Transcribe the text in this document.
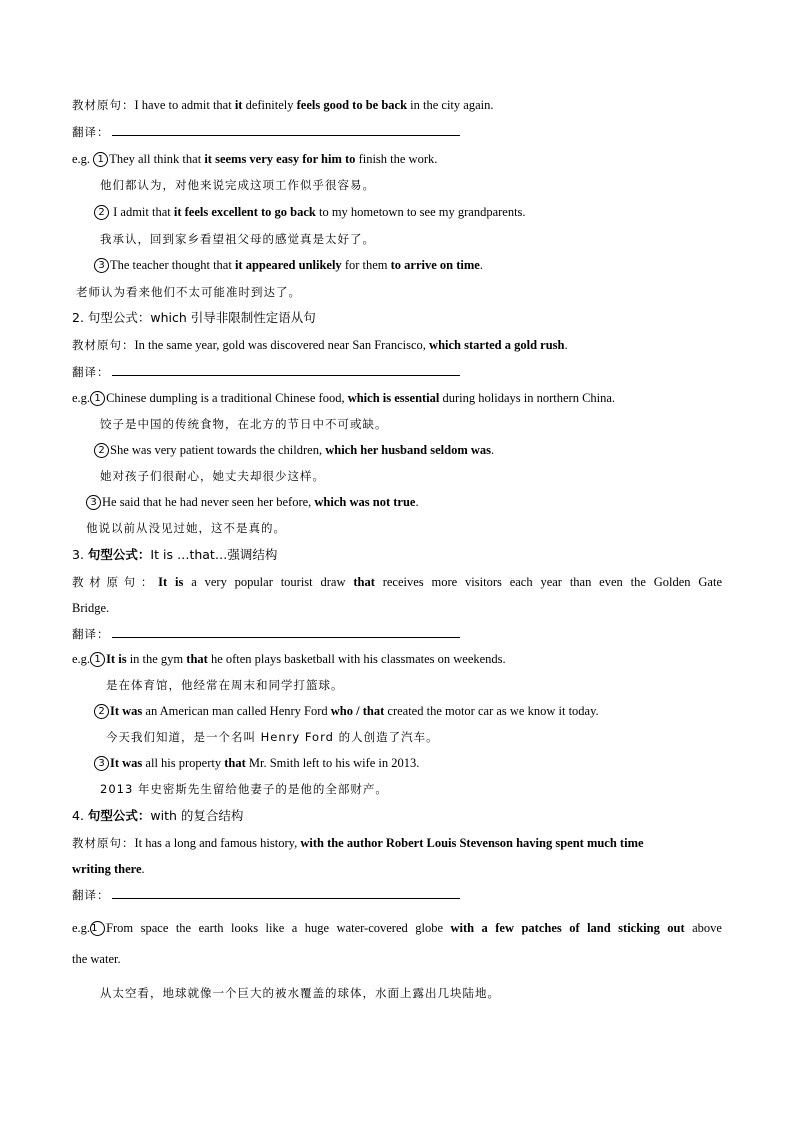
教材原句：I have to admit that it definitely feels good to be back in the city again.
翻译：
e.g. 1 They all think that it seems very easy for him to finish the work.
他们都认为，对他来说完成这项工作似乎很容易。
2 I admit that it feels excellent to go back to my hometown to see my grandparents.
我承认，回到家乡看望祖父母的感觉真是太好了。
3 The teacher thought that it appeared unlikely for them to arrive on time.
老师认为看来他们不太可能准时到达了。
2. 句型公式：which 引导非限制性定语从句
教材原句：In the same year, gold was discovered near San Francisco, which started a gold rush.
翻译：
e.g. 1 Chinese dumpling is a traditional Chinese food, which is essential during holidays in northern China.
饺子是中国的传统食物，在北方的节日中不可或缺。
2 She was very patient towards the children, which her husband seldom was.
她对孩子们很耐心，她丈夫却很少这样。
3 He said that he had never seen her before, which was not true.
他说以前从没见过她，这不是真的。
3. 句型公式：It is …that…强调结构
教材原句：It is a very popular tourist draw that receives more visitors each year than even the Golden Gate
Bridge.
翻译：
e.g. 1 It is in the gym that he often plays basketball with his classmates on weekends.
是在体育馆，他经常在周末和同学打篮球。
2 It was an American man called Henry Ford who / that created the motor car as we know it today.
今天我们知道，是一个名叫 Henry Ford 的人创造了汽车。
3 It was all his property that Mr. Smith left to his wife in 2013.
2013 年史密斯先生留给他妻子的是他的全部财产。
4. 句型公式：with 的复合结构
教材原句：It has a long and famous history, with the author Robert Louis Stevenson having spent much time
writing there.
翻译：
e.g.1 From space the earth looks like a huge water-covered globe with a few patches of land sticking out above
the water.
从太空看，地球就像一个巨大的被水覆盖的球体，水面上露出几块陆地。
